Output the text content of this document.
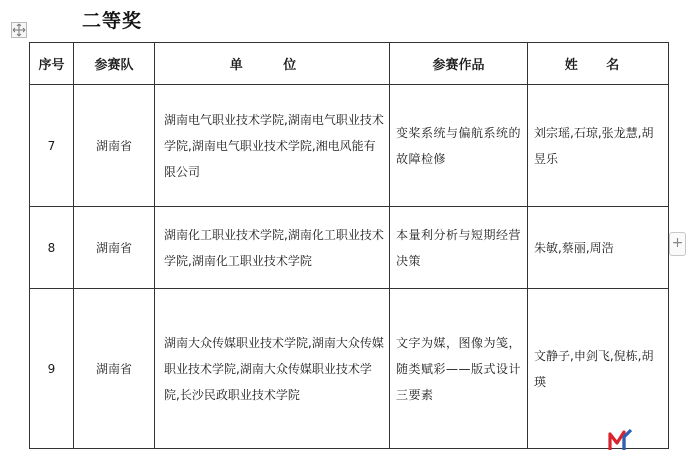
二等奖
序号	参赛队	单 位	参赛作品	姓 名
7	湖南省	湖南电气职业技术学院,湖南电气职业技术学院,湖南电气职业技术学院,湘电风能有限公司	变桨系统与偏航系统的故障检修	刘宗瑶,石琼,张龙慧,胡昱乐
8	湖南省	湖南化工职业技术学院,湖南化工职业技术学院,湖南化工职业技术学院	本量利分析与短期经营决策	朱敏,蔡丽,周浩
9	湖南省	湖南大众传媒职业技术学院,湖南大众传媒职业技术学院,湖南大众传媒职业技术学院,长沙民政职业技术学院	文字为媒，图像为笺，随类赋彩——版式设计三要素	文静子,申剑飞,倪栋,胡瑛
+
